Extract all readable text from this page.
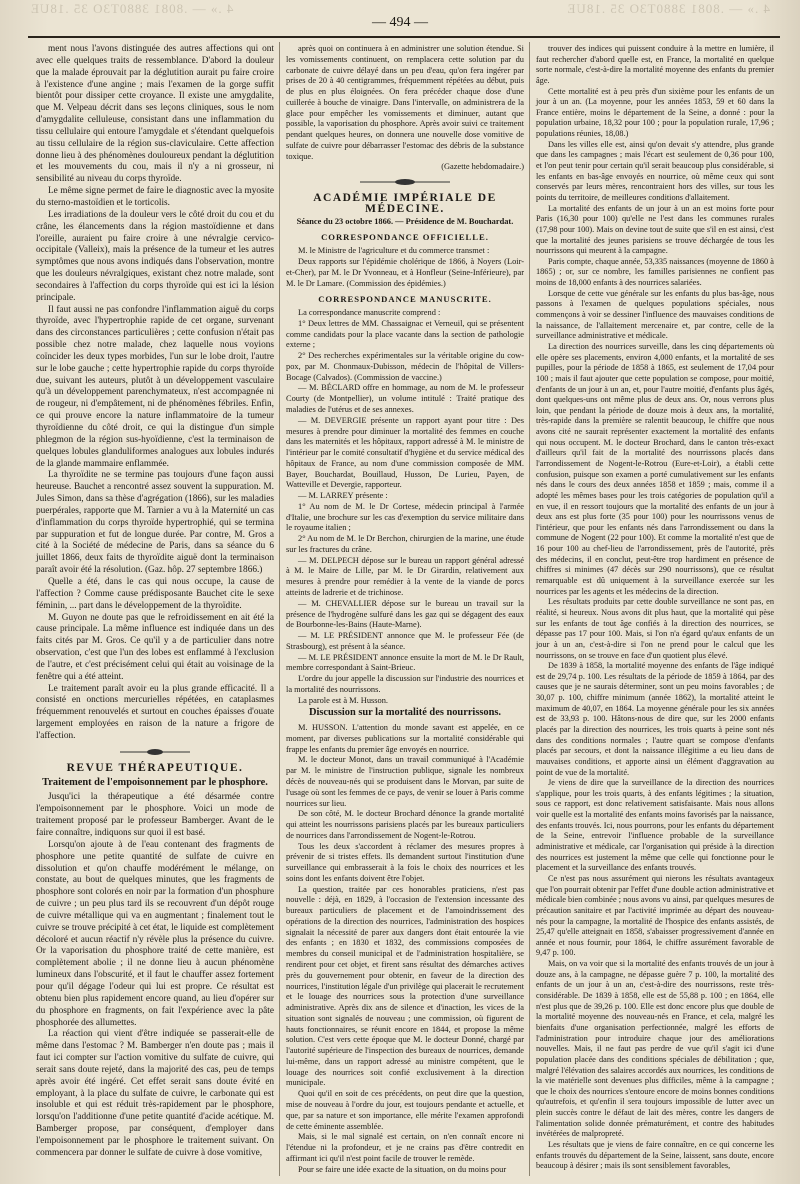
4 .» — .8081 3880T3O 35 .18UE
4 .» — .8081 3880T3O 35 .18UE
— 494 —

ment nous l'avons distinguée des autres affections qui ont avec elle quelques traits de ressemblance. D'abord la douleur que la malade éprouvait par la déglutition aurait pu faire croire à l'existence d'une angine ; mais l'examen de la gorge suffit bientôt pour dissiper cette croyance. Il existe une amygdalite, que M. Velpeau décrit dans ses leçons cliniques, sous le nom d'amygdalite celluleuse, consistant dans une inflammation du tissu cellulaire qui entoure l'amygdale et s'étendant quelquefois au tissu cellulaire de la région sus-claviculaire. Cette affection donne lieu à des phénomènes douloureux pendant la déglutition et les mouvements du cou, mais il n'y a ni grosseur, ni sensibilité au niveau du corps thyroïde.

Le même signe permet de faire le diagnostic avec la myosite du sterno-mastoïdien et le torticolis.

Les irradiations de la douleur vers le côté droit du cou et du crâne, les élancements dans la région mastoïdienne et dans l'oreille, auraient pu faire croire à une névralgie cervico-occipitale (Valleix), mais la présence de la tumeur et les autres symptômes que nous avons indiqués dans l'observation, montre que les douleurs névralgiques, existant chez notre malade, sont secondaires à l'affection du corps thyroïde qui est ici la lésion principale.

Il faut aussi ne pas confondre l'inflammation aiguë du corps thyroïde, avec l'hypertrophie rapide de cet organe, survenant dans des circonstances particulières ; cette confusion n'était pas possible chez notre malade, chez laquelle nous voyions coïncider les deux types morbides, l'un sur le lobe droit, l'autre sur le lobe gauche ; cette hypertrophie rapide du corps thyroïde due, suivant les auteurs, plutôt à un développement vasculaire qu'à un développement parenchymateux, n'est accompagnée ni de rougeur, ni d'empâtement, ni de phénomènes fébriles. Enfin, ce qui prouve encore la nature inflammatoire de la tumeur thyroïdienne du côté droit, ce qui la distingue d'un simple phlegmon de la région sus-hyoïdienne, c'est la terminaison de quelques lobules glanduliformes analogues aux lobules indurés de la glande mammaire enflammée.

La thyroïdite ne se termine pas toujours d'une façon aussi heureuse. Bauchet a rencontré assez souvent la suppuration. M. Jules Simon, dans sa thèse d'agrégation (1866), sur les maladies puerpérales, rapporte que M. Tarnier a vu à la Maternité un cas d'inflammation du corps thyroïde hypertrophié, qui se termina par suppuration et fut de longue durée. Par contre, M. Gros a cité à la Société de médecine de Paris, dans sa séance du 6 juillet 1866, deux faits de thyroïdite aiguë dont la terminaison paraît avoir été la résolution. (Gaz. hôp. 27 septembre 1866.)

Quelle a été, dans le cas qui nous occupe, la cause de l'affection ? Comme cause prédisposante Bauchet cite le sexe féminin, ... part dans le développement de la thyroïdite.

M. Guyon ne doute pas que le refroidissement en ait été la cause principale. La même influence est indiquée dans un des faits cités par M. Gros. Ce qu'il y a de particulier dans notre observation, c'est que l'un des lobes est enflammé à l'exclusion de l'autre, et c'est précisément celui qui était au voisinage de la fenêtre qui a été atteint.

Le traitement paraît avoir eu la plus grande efficacité. Il a consisté en onctions mercurielles répétées, en cataplasmes fréquemment renouvelés et surtout en couches épaisses d'ouate largement employées en raison de la nature a frigore de l'affection.

REVUE THÉRAPEUTIQUE.
Traitement de l'empoisonnement par le phosphore.

Jusqu'ici la thérapeutique a été désarmée contre l'empoisonnement par le phosphore. Voici un mode de traitement proposé par le professeur Bamberger. Avant de le faire connaître, indiquons sur quoi il est basé.

Lorsqu'on ajoute à de l'eau contenant des fragments de phosphore une petite quantité de sulfate de cuivre en dissolution et qu'on chauffe modérément le mélange, on constate, au bout de quelques minutes, que les fragments de phosphore sont colorés en noir par la formation d'un phosphure de cuivre ; un peu plus tard ils se recouvrent d'un dépôt rouge de cuivre métallique qui va en augmentant ; finalement tout le cuivre se trouve précipité à cet état, le liquide est complètement décoloré et aucun réactif n'y révèle plus la présence du cuivre. Or la vaporisation du phosphore traité de cette manière, est complètement abolie ; il ne donne lieu à aucun phénomène lumineux dans l'obscurité, et il faut le chauffer assez fortement pour qu'il dégage l'odeur qui lui est propre. Ce résultat est obtenu bien plus rapidement encore quand, au lieu d'opérer sur du phosphore en fragments, on fait l'expérience avec la pâte phosphorée des allumettes.

La réaction qui vient d'être indiquée se passerait-elle de même dans l'estomac ? M. Bamberger n'en doute pas ; mais il faut ici compter sur l'action vomitive du sulfate de cuivre, qui serait sans doute rejeté, dans la majorité des cas, peu de temps après avoir été ingéré. Cet effet serait sans doute évité en employant, à la place du sulfate de cuivre, le carbonate qui est insoluble et qui est réduit très-rapidement par le phosphore, lorsqu'on l'additionne d'une petite quantité d'acide acétique. M. Bamberger propose, par conséquent, d'employer dans l'empoisonnement par le phosphore le traitement suivant. On commencera par donner le sulfate de cuivre à dose vomitive,

après quoi on continuera à en administrer une solution étendue. Si les vomissements continuent, on remplacera cette solution par du carbonate de cuivre délayé dans un peu d'eau, qu'on fera ingérer par prises de 20 à 40 centigrammes, fréquemment répétées au début, puis de plus en plus éloignées. On fera précéder chaque dose d'une cuillerée à bouche de vinaigre. Dans l'intervalle, on administrera de la glace pour empêcher les vomissements et diminuer, autant que possible, la vaporisation du phosphore. Après avoir suivi ce traitement pendant quelques heures, on donnera une nouvelle dose vomitive de sulfate de cuivre pour débarrasser l'estomac des débris de la substance toxique.

(Gazette hebdomadaire.)

ACADÉMIE IMPÉRIALE DE MÉDECINE.

Séance du 23 octobre 1866. — Présidence de M. Bouchardat.

CORRESPONDANCE OFFICIELLE.

M. le Ministre de l'agriculture et du commerce transmet :

Deux rapports sur l'épidémie cholérique de 1866, à Noyers (Loir-et-Cher), par M. le Dr Yvonneau, et à Honfleur (Seine-Inférieure), par M. le Dr Lamare. (Commission des épidémies.)

CORRESPONDANCE MANUSCRITE.

La correspondance manuscrite comprend :

1° Deux lettres de MM. Chassaignac et Verneuil, qui se présentent comme candidats pour la place vacante dans la section de pathologie externe ;

2° Des recherches expérimentales sur la véritable origine du cow-pox, par M. Chonmaux-Dubisson, médecin de l'hôpital de Villers-Bocage (Calvados). (Commission de vaccine.)

— M. BÉCLARD offre en hommage, au nom de M. le professeur Courty (de Montpellier), un volume intitulé : Traité pratique des maladies de l'utérus et de ses annexes.

— M. DEVERGIE présente un rapport ayant pour titre : Des mesures à prendre pour diminuer la mortalité des femmes en couche dans les maternités et les hôpitaux, rapport adressé à M. le ministre de l'intérieur par le comité consultatif d'hygiène et du service médical des hôpitaux de France, au nom d'une commission composée de MM. Bayer, Bouchardat, Bouillaud, Husson, De Lurieu, Payen, de Watteville et Devergie, rapporteur.

— M. LARREY présente :

1° Au nom de M. le Dr Cortese, médecin principal à l'armée d'Italie, une brochure sur les cas d'exemption du service militaire dans le royaume italien ;

2° Au nom de M. le Dr Berchon, chirurgien de la marine, une étude sur les fractures du crâne.

— M. DELPECH dépose sur le bureau un rapport général adressé à M. le Maire de Lille, par M. le Dr Girardin, relativement aux mesures à prendre pour remédier à la vente de la viande de porcs atteints de ladrerie et de trichinose.

— M. CHEVALLIER dépose sur le bureau un travail sur la présence de l'hydrogène sulfuré dans les gaz qui se dégagent des eaux de Bourbonne-les-Bains (Haute-Marne).

— M. LE PRÉSIDENT annonce que M. le professeur Fée (de Strasbourg), est présent à la séance.

— M. LE PRÉSIDENT annonce ensuite la mort de M. le Dr Rault, membre correspondant à Saint-Brieuc.

L'ordre du jour appelle la discussion sur l'industrie des nourrices et la mortalité des nourrissons.

La parole est à M. Husson.

Discussion sur la mortalité des nourrissons.

M. HUSSON. L'attention du monde savant est appelée, en ce moment, par diverses publications sur la mortalité considérable qui frappe les enfants du premier âge envoyés en nourrice.

M. le docteur Monot, dans un travail communiqué à l'Académie par M. le ministre de l'instruction publique, signale les nombreux décès de nouveau-nés qui se produisent dans le Morvan, par suite de l'usage où sont les femmes de ce pays, de venir se louer à Paris comme nourrices sur lieu.

De son côté, M. le docteur Brochard dénonce la grande mortalité qui atteint les nourrissons parisiens placés par les bureaux particuliers de nourrices dans l'arrondissement de Nogent-le-Rotrou.

Tous les deux s'accordent à réclamer des mesures propres à prévenir de si tristes effets. Ils demandent surtout l'institution d'une surveillance qui embrasserait à la fois le choix des nourrices et les soins dont les enfants doivent être l'objet.

La question, traitée par ces honorables praticiens, n'est pas nouvelle : déjà, en 1829, à l'occasion de l'extension incessante des bureaux particuliers de placement et de l'amoindrissement des opérations de la direction des nourrices, l'administration des hospices signalait la nécessité de parer aux dangers dont était entourée la vie des enfants ; en 1830 et 1832, des commissions composées de membres du conseil municipal et de l'administration hospitalière, se rendirent pour cet objet, et firent sans résultat des démarches actives près du gouvernement pour obtenir, en faveur de la direction des nourrices, l'institution légale d'un privilège qui placerait le recrutement et le louage des nourrices sous la protection d'une surveillance administrative. Après dix ans de silence et d'inaction, les vices de la situation sont signalés de nouveau ; une commission, où figurent de hauts fonctionnaires, se réunit encore en 1844, et propose la même solution. C'est vers cette époque que M. le docteur Donné, chargé par l'autorité supérieure de l'inspection des bureaux de nourrices, demande lui-même, dans un rapport adressé au ministre compétent, que le louage des nourrices soit confié exclusivement à la direction municipale.

Quoi qu'il en soit de ces précédents, on peut dire que la question, mise de nouveau à l'ordre du jour, est toujours pendante et actuelle, et que, par sa nature et son importance, elle mérite l'examen approfondi de cette éminente assemblée.

Mais, si le mal signalé est certain, on n'en connaît encore ni l'étendue ni la profondeur, et je ne crains pas d'être contredit en affirmant ici qu'il n'est point facile de trouver le remède.

Pour se faire une idée exacte de la situation, on du moins pour

trouver des indices qui puissent conduire à la mettre en lumière, il faut rechercher d'abord quelle est, en France, la mortalité en quelque sorte normale, c'est-à-dire la mortalité moyenne des enfants du premier âge.

Cette mortalité est à peu près d'un sixième pour les enfants de un jour à un an. (La moyenne, pour les années 1853, 59 et 60 dans la France entière, moins le département de la Seine, a donné : pour la population urbaine, 18,32 pour 100 ; pour la population rurale, 17,96 ; populations réunies, 18,08.)

Dans les villes elle est, ainsi qu'on devait s'y attendre, plus grande que dans les campagnes ; mais l'écart est seulement de 0,36 pour 100, et l'on peut tenir pour certain qu'il serait beaucoup plus considérable, si les enfants en bas-âge envoyés en nourrice, où même ceux qui sont conservés par leurs mères, rencontraient hors des villes, sur tous les points du territoire, de meilleures conditions d'allaitement.

La mortalité des enfants de un jour à un an est moins forte pour Paris (16,30 pour 100) qu'elle ne l'est dans les communes rurales (17,98 pour 100). Mais on devine tout de suite que s'il en est ainsi, c'est que la mortalité des jeunes parisiens se trouve déchargée de tous les nourrissons qui meurent à la campagne.

Paris compte, chaque année, 53,335 naissances (moyenne de 1860 à 1865) ; or, sur ce nombre, les familles parisiennes ne confient pas moins de 18,000 enfants à des nourrices salariées.

Lorsque de cette vue générale sur les enfants du plus bas-âge, nous passons à l'examen de quelques populations spéciales, nous commençons à voir se dessiner l'influence des mauvaises conditions de la naissance, de l'allaitement mercenaire et, par contre, celle de la surveillance administrative et médicale.

La direction des nourrices surveille, dans les cinq départements où elle opère ses placements, environ 4,000 enfants, et la mortalité de ses pupilles, pour la période de 1858 à 1865, est seulement de 17,04 pour 100 ; mais il faut ajouter que cette population se compose, pour moitié, d'enfants de un jour à un an, et, pour l'autre moitié, d'enfants plus âgés, dont quelques-uns ont même plus de deux ans. Or, nous verrons plus loin, que pendant la période de douze mois à deux ans, la mortalité, très-rapide dans la première se ralentit beaucoup, le chiffre que nous avons cité ne saurait représenter exactement la mortalité des enfants qui nous occupent. M. le docteur Brochard, dans le canton très-exact d'ailleurs qu'il fait de la mortalité des nourrissons placés dans l'arrondissement de Nogent-le-Rotrou (Eure-et-Loir), a établi cette confusion, puisque son examen a porté cumulativement sur les enfants nés dans le cours des deux années 1858 et 1859 ; mais, comme il a adopté les mêmes bases pour les trois catégories de population qu'il a en vue, il en ressort toujours que la mortalité des enfants de un jour à deux ans est plus forte (35 pour 100) pour les nourrissons venus de l'intérieur, que pour les enfants nés dans l'arrondissement ou dans la commune de Nogent (22 pour 100). Et comme la mortalité n'est que de 16 pour 100 au chef-lieu de l'arrondissement, près de l'autorité, près des médecins, il en conclut, peut-être trop hardiment en présence de chiffres si minimes (47 décès sur 290 nourrissons), que ce résultat remarquable est dû uniquement à la surveillance exercée sur les nourrices par les agents et les médecins de la direction.

Les résultats produits par cette double surveillance ne sont pas, en réalité, si heureux. Nous avons dit plus haut, que la mortalité qui pèse sur les enfants de tout âge confiés à la direction des nourrices, se dépasse pas 17 pour 100. Mais, si l'on n'a égard qu'aux enfants de un jour à un an, c'est-à-dire si l'on ne prend pour le calcul que les nourrissons, on se trouve en face d'un quotient plus élevé.

De 1839 à 1858, la mortalité moyenne des enfants de l'âge indiqué est de 29,74 p. 100. Les résultats de la période de 1859 à 1864, par des causes que je ne saurais déterminer, sont un peu moins favorables ; de 30,07 p. 100, chiffre minimum (année 1862), la mortalité atteint le maximum de 40,07, en 1864. La moyenne générale pour les six années est de 33,93 p. 100. Hâtons-nous de dire que, sur les 2000 enfants placés par la direction des nourrices, les trois quarts à peine sont nés dans des conditions normales ; l'autre quart se compose d'enfants placés par secours, et dont la naissance illégitime a eu lieu dans de mauvaises conditions, et apporte ainsi un élément d'aggravation au point de vue de la mortalité.

Je viens de dire que la surveillance de la direction des nourrices s'applique, pour les trois quarts, à des enfants légitimes ; la situation, sous ce rapport, est donc relativement satisfaisante. Mais nous allons voir quelle est la mortalité des enfants moins favorisés par la naissance, des enfants trouvés. Ici, nous pourrons, pour les enfants du département de la Seine, entrevoir l'influence probable de la surveillance administrative et médicale, car l'organisation qui préside à la direction des nourrices est justement la même que celle qui fonctionne pour le placement et la surveillance des enfants trouvés.

Ce n'est pas nous assurément qui nierons les résultats avantageux que l'on pourrait obtenir par l'effet d'une double action administrative et médicale bien combinée ; nous avons vu ainsi, par quelques mesures de précaution sanitaire et par l'activité imprimée au départ des nouveau-nés pour la campagne, la mortalité de l'hospice des enfants assistés, de 25,47 qu'elle atteignait en 1858, s'abaisser progressivement d'année en année et nous fournir, pour 1864, le chiffre assurément favorable de 9,47 p. 100.

Mais, on va voir que si la mortalité des enfants trouvés de un jour à douze ans, à la campagne, ne dépasse guère 7 p. 100, la mortalité des enfants de un jour à un an, c'est-à-dire des nourrissons, reste très-considérable. De 1839 à 1858, elle est de 55,88 p. 100 ; en 1864, elle n'est plus que de 39,26 p. 100. Elle est donc encore plus que double de la mortalité moyenne des nouveau-nés en France, et cela, malgré les bienfaits d'une organisation perfectionnée, malgré les efforts de l'administration pour introduire chaque jour des améliorations nouvelles. Mais, il ne faut pas perdre de vue qu'il s'agit ici d'une population placée dans des conditions spéciales de débilitation ; que, malgré l'élévation des salaires accordés aux nourrices, les conditions de la vie matérielle sont devenues plus difficiles, même à la campagne ; que le choix des nourrices s'entoure encore de moins bonnes conditions qu'autrefois, et qu'enfin il sera toujours impossible de lutter avec un plein succès contre le défaut de lait des mères, contre les dangers de l'alimentation solide donnée prématurément, et contre des habitudes invétérées de malpropreté.

Les résultats que je viens de faire connaître, en ce qui concerne les enfants trouvés du département de la Seine, laissent, sans doute, encore beaucoup à désirer ; mais ils sont sensiblement favorables,
